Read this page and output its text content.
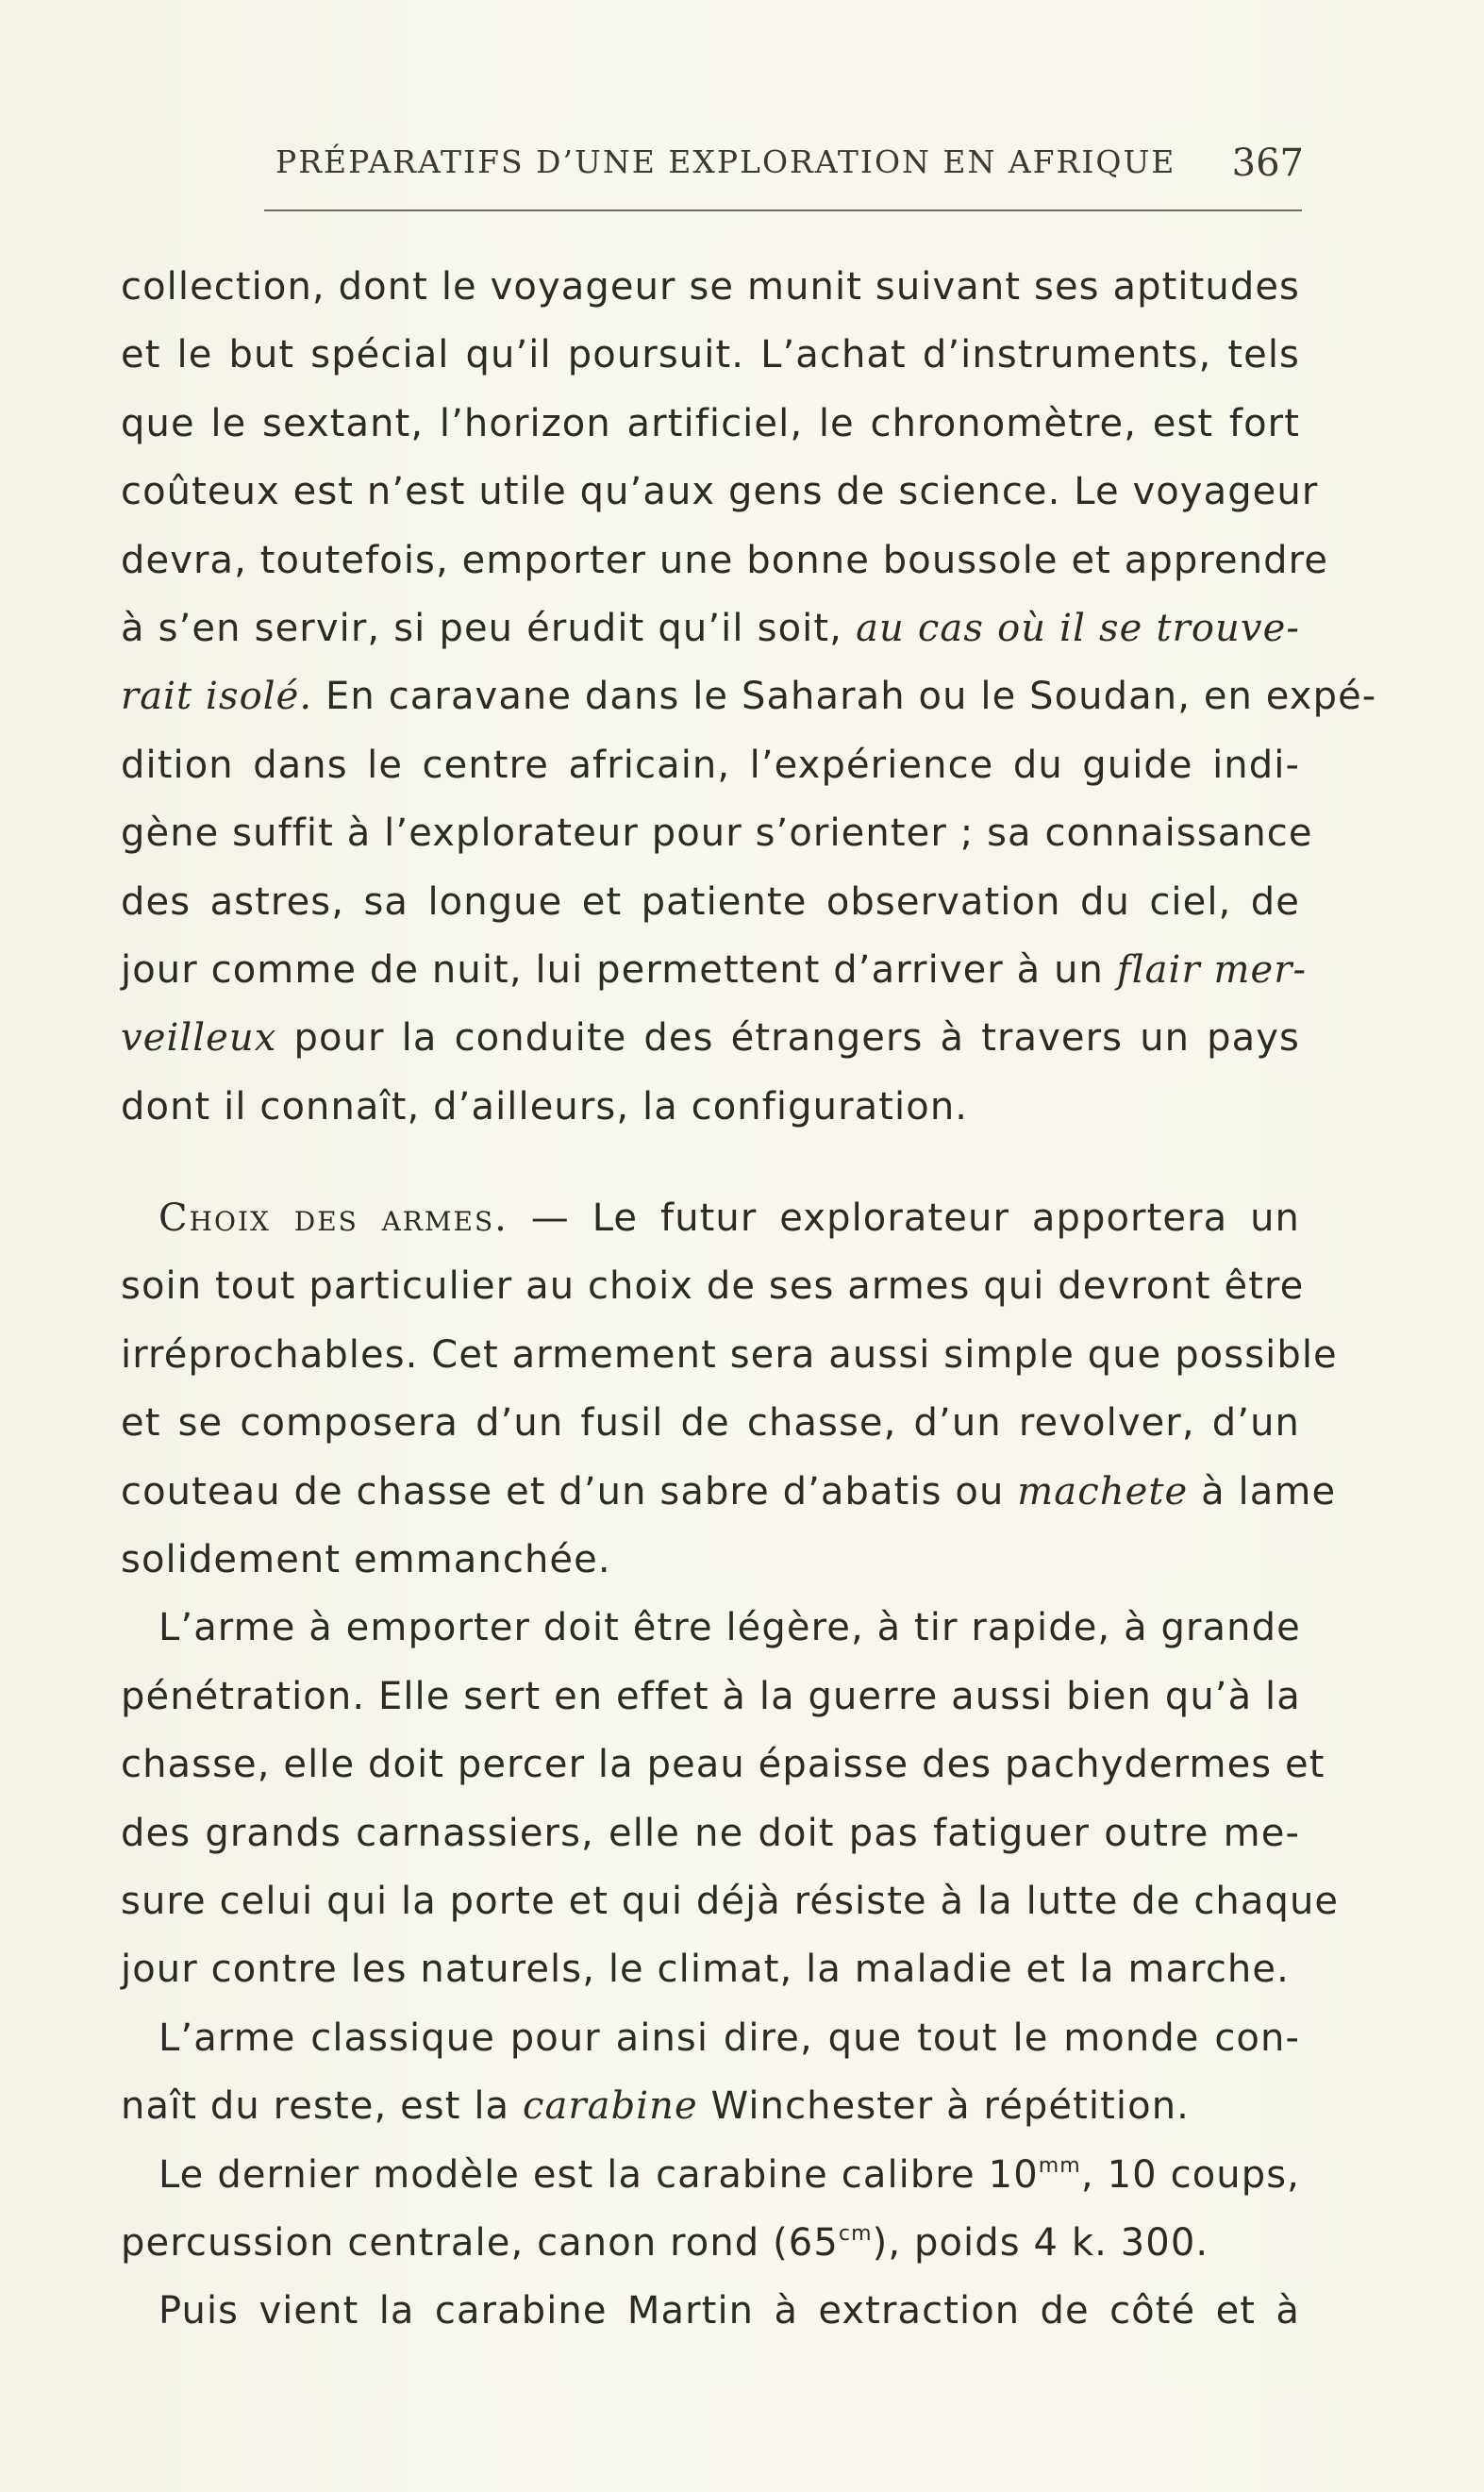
PRÉPARATIFS D’UNE EXPLORATION EN AFRIQUE 367
collection, dont le voyageur se munit suivant ses aptitudes
et le but spécial qu’il poursuit. L’achat d’instruments, tels
que le sextant, l’horizon artificiel, le chronomètre, est fort
coûteux est n’est utile qu’aux gens de science. Le voyageur
devra, toutefois, emporter une bonne boussole et apprendre
à s’en servir, si peu érudit qu’il soit, au cas où il se trouve-
rait isolé. En caravane dans le Saharah ou le Soudan, en expé-
dition dans le centre africain, l’expérience du guide indi-
gène suffit à l’explorateur pour s’orienter ; sa connaissance
des astres, sa longue et patiente observation du ciel, de
jour comme de nuit, lui permettent d’arriver à un flair mer-
veilleux pour la conduite des étrangers à travers un pays
dont il connaît, d’ailleurs, la configuration.
Choix des armes. — Le futur explorateur apportera un
soin tout particulier au choix de ses armes qui devront être
irréprochables. Cet armement sera aussi simple que possible
et se composera d’un fusil de chasse, d’un revolver, d’un
couteau de chasse et d’un sabre d’abatis ou machete à lame
solidement emmanchée.
L’arme à emporter doit être légère, à tir rapide, à grande
pénétration. Elle sert en effet à la guerre aussi bien qu’à la
chasse, elle doit percer la peau épaisse des pachydermes et
des grands carnassiers, elle ne doit pas fatiguer outre me-
sure celui qui la porte et qui déjà résiste à la lutte de chaque
jour contre les naturels, le climat, la maladie et la marche.
L’arme classique pour ainsi dire, que tout le monde con-
naît du reste, est la carabine Winchester à répétition.
Le dernier modèle est la carabine calibre $10^{mm}$, 10 coups,
percussion centrale, canon rond $(65^{cm})$, poids 4 k. 300.
Puis vient la carabine Martin à extraction de côté et à
